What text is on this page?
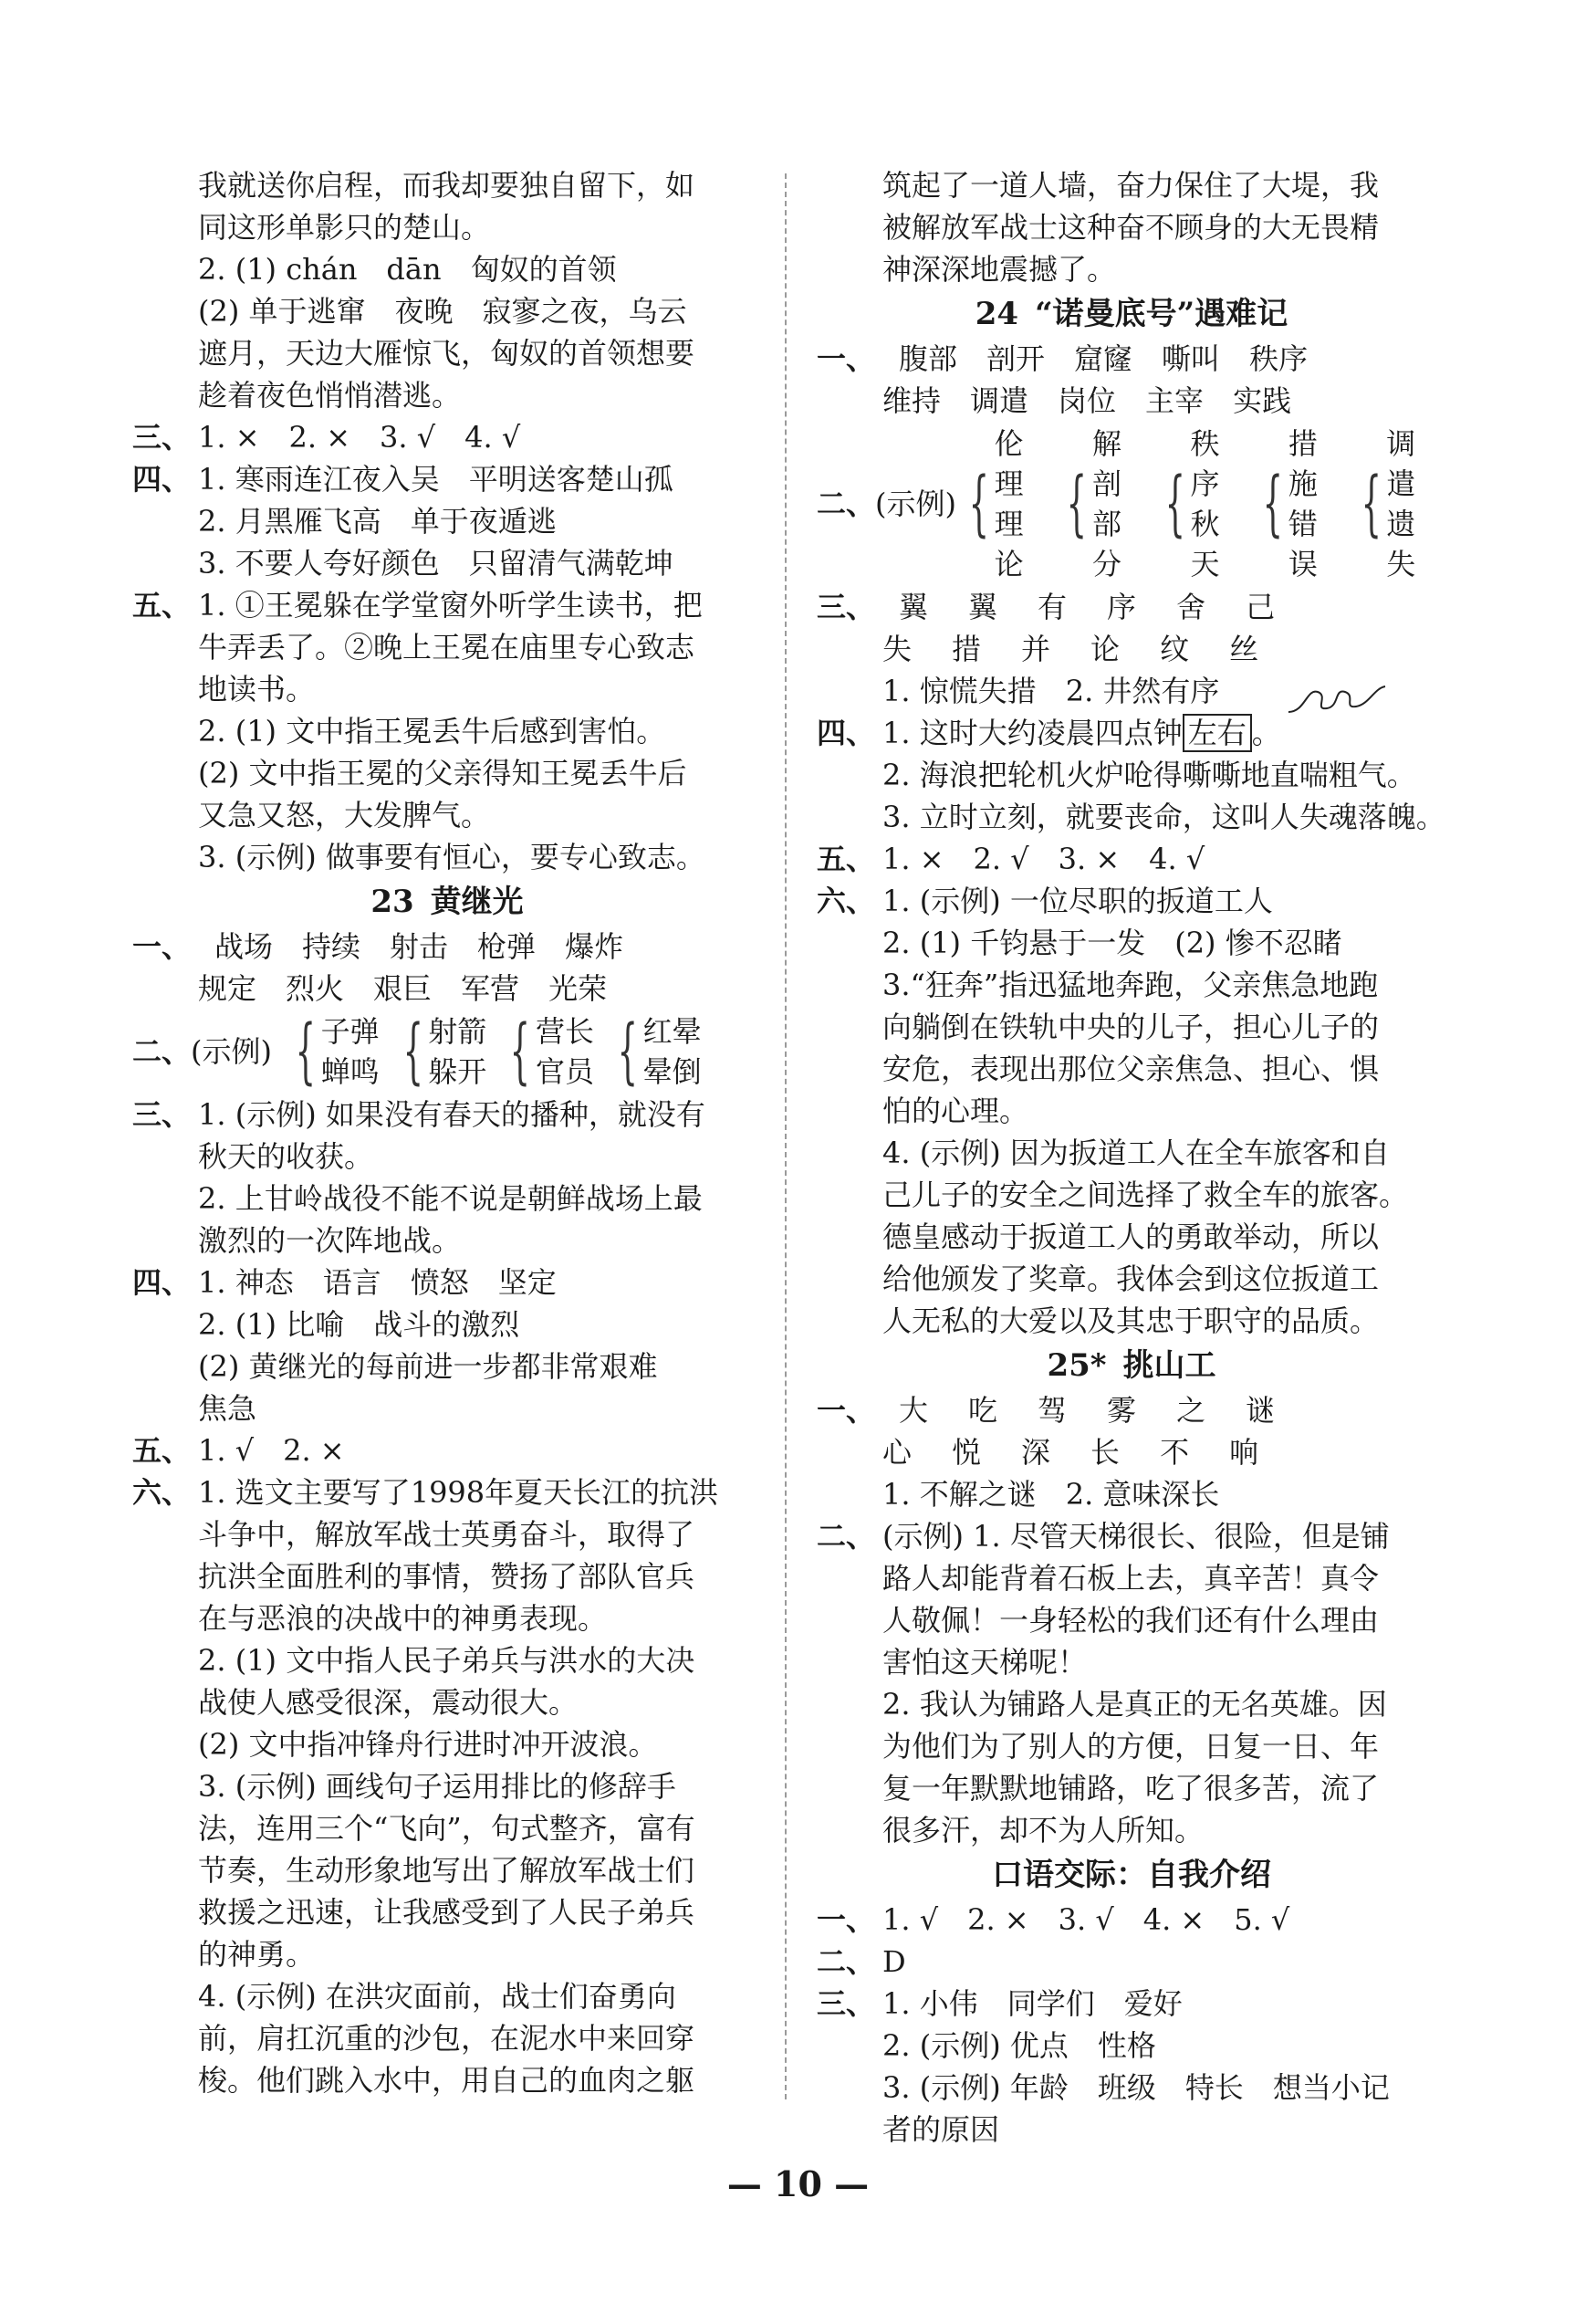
我就送你启程，而我却要独自留下，如
同这形单影只的楚山。
2. (1) chán　dān　匈奴的首领
(2) 单于逃窜　夜晚　寂寥之夜，乌云
遮月，天边大雁惊飞，匈奴的首领想要
趁着夜色悄悄潜逃。
三、 1. ×　2. ×　3. √　4. √
四、 1. 寒雨连江夜入吴　平明送客楚山孤
2. 月黑雁飞高　单于夜遁逃
3. 不要人夸好颜色　只留清气满乾坤
五、 1. ①王冕躲在学堂窗外听学生读书，把
牛弄丢了。②晚上王冕在庙里专心致志
地读书。
2. (1) 文中指王冕丢牛后感到害怕。
(2) 文中指王冕的父亲得知王冕丢牛后
又急又怒，大发脾气。
3. (示例) 做事要有恒心，要专心致志。
23 黄继光
一、 战场 持续 射击 枪弹 爆炸
规定 烈火 艰巨 军营 光荣
二、(示例) { 子弹
蝉鸣 { 射箭
躲开 { 营长
官员 { 红晕
晕倒
三、 1. (示例) 如果没有春天的播种，就没有
秋天的收获。
2. 上甘岭战役不能不说是朝鲜战场上最
激烈的一次阵地战。
四、 1. 神态　语言　愤怒　坚定
2. (1) 比喻　战斗的激烈
(2) 黄继光的每前进一步都非常艰难
焦急
五、 1. √　2. ×
六、 1. 选文主要写了1998年夏天长江的抗洪
斗争中，解放军战士英勇奋斗，取得了
抗洪全面胜利的事情，赞扬了部队官兵
在与恶浪的决战中的神勇表现。
2. (1) 文中指人民子弟兵与洪水的大决
战使人感受很深，震动很大。
(2) 文中指冲锋舟行进时冲开波浪。
3. (示例) 画线句子运用排比的修辞手
法，连用三个“飞向”，句式整齐，富有
节奏，生动形象地写出了解放军战士们
救援之迅速，让我感受到了人民子弟兵
的神勇。
4. (示例) 在洪灾面前，战士们奋勇向
前，肩扛沉重的沙包，在泥水中来回穿
梭。他们跳入水中，用自己的血肉之躯
筑起了一道人墙，奋力保住了大堤，我
被解放军战士这种奋不顾身的大无畏精
神深深地震撼了。
24 “诺曼底号”遇难记
一、 腹部 剖开 窟窿 嘶叫 秩序
维持 调遣 岗位 主宰 实践
二、(示例) {
伦理
理论
{
解剖
部分
{
秩序
秋天
{
措施
错误
{
调遣
遗失
三、 翼 翼 有 序 舍 己
失 措 并 论 纹 丝
1. 惊慌失措　2. 井然有序
四、 1. 这时大约凌晨四点钟 左右 。
2. 海浪把轮机火炉呛得嘶嘶地直喘粗气。
3. 立时立刻，就要丧命，这叫人失魂落魄。
五、 1. ×　2. √　3. ×　4. √
六、 1. (示例) 一位尽职的扳道工人
2. (1) 千钧悬于一发　(2) 惨不忍睹
3.“狂奔”指迅猛地奔跑，父亲焦急地跑
向躺倒在铁轨中央的儿子，担心儿子的
安危，表现出那位父亲焦急、担心、惧
怕的心理。
4. (示例) 因为扳道工人在全车旅客和自
己儿子的安全之间选择了救全车的旅客。
德皇感动于扳道工人的勇敢举动，所以
给他颁发了奖章。我体会到这位扳道工
人无私的大爱以及其忠于职守的品质。
25* 挑山工
一、 大 吃 驾 雾 之 谜
心 悦 深 长 不 响
1. 不解之谜　2. 意味深长
二、 (示例) 1. 尽管天梯很长、很险，但是铺
路人却能背着石板上去，真辛苦！真令
人敬佩！一身轻松的我们还有什么理由
害怕这天梯呢！
2. 我认为铺路人是真正的无名英雄。因
为他们为了别人的方便，日复一日、年
复一年默默地铺路，吃了很多苦，流了
很多汗，却不为人所知。
口语交际：自我介绍
一、 1. √　2. ×　3. √　4. ×　5. √
二、 D
三、 1. 小伟　同学们　爱好
2. (示例) 优点　性格
3. (示例) 年龄　班级　特长　想当小记
者的原因
— 10 —
